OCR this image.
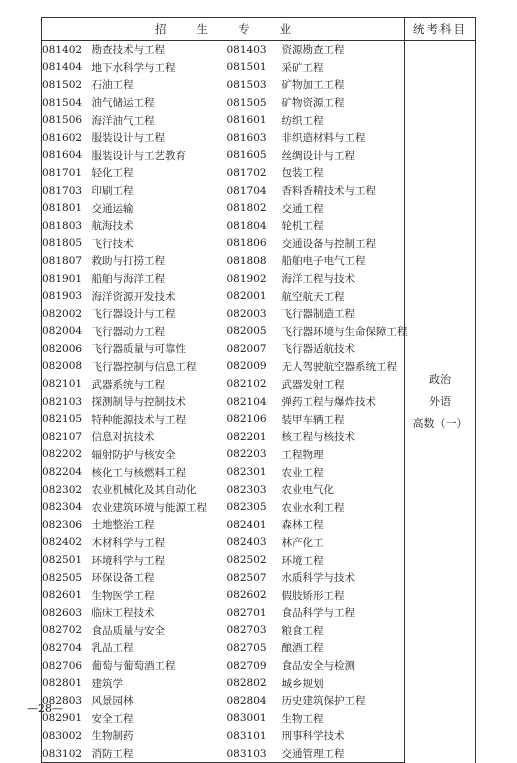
招生专业				统考科目
081402	勘查技术与工程	081403	资源勘查工程	政治
外语
高数（一）

081404	地下水科学与工程	081501	采矿工程	
081502	石油工程	081503	矿物加工工程	
081504	油气储运工程	081505	矿物资源工程	
081506	海洋油气工程	081601	纺织工程	
081602	服装设计与工程	081603	非织造材料与工程	
081604	服装设计与工艺教育	081605	丝绸设计与工程	
081701	轻化工程	081702	包装工程	
081703	印刷工程	081704	香料香精技术与工程	
081801	交通运输	081802	交通工程	
081803	航海技术	081804	轮机工程	
081805	飞行技术	081806	交通设备与控制工程	
081807	救助与打捞工程	081808	船舶电子电气工程	
081901	船舶与海洋工程	081902	海洋工程与技术	
081903	海洋资源开发技术	082001	航空航天工程	
082002	飞行器设计与工程	082003	飞行器制造工程	
082004	飞行器动力工程	082005	飞行器环境与生命保障工程	
082006	飞行器质量与可靠性	082007	飞行器适航技术	
082008	飞行器控制与信息工程	082009	无人驾驶航空器系统工程	
082101	武器系统与工程	082102	武器发射工程	
082103	探测制导与控制技术	082104	弹药工程与爆炸技术	
082105	特种能源技术与工程	082106	装甲车辆工程	
082107	信息对抗技术	082201	核工程与核技术	
082202	辐射防护与核安全	082203	工程物理	
082204	核化工与核燃料工程	082301	农业工程	
082302	农业机械化及其自动化	082303	农业电气化	
082304	农业建筑环境与能源工程	082305	农业水利工程	
082306	土地整治工程	082401	森林工程	
082402	木材科学与工程	082403	林产化工	
082501	环境科学与工程	082502	环境工程	
082505	环保设备工程	082507	水质科学与技术	
082601	生物医学工程	082602	假肢矫形工程	
082603	临床工程技术	082701	食品科学与工程	
082702	食品质量与安全	082703	粮食工程	
082704	乳品工程	082705	酿酒工程	
082706	葡萄与葡萄酒工程	082709	食品安全与检测	
082801	建筑学	082802	城乡规划	
082803	风景园林	082804	历史建筑保护工程	
082901	安全工程	083001	生物工程	
083002	生物制药	083101	刑事科学技术	
083102	消防工程	083103	交通管理工程	
—28—
